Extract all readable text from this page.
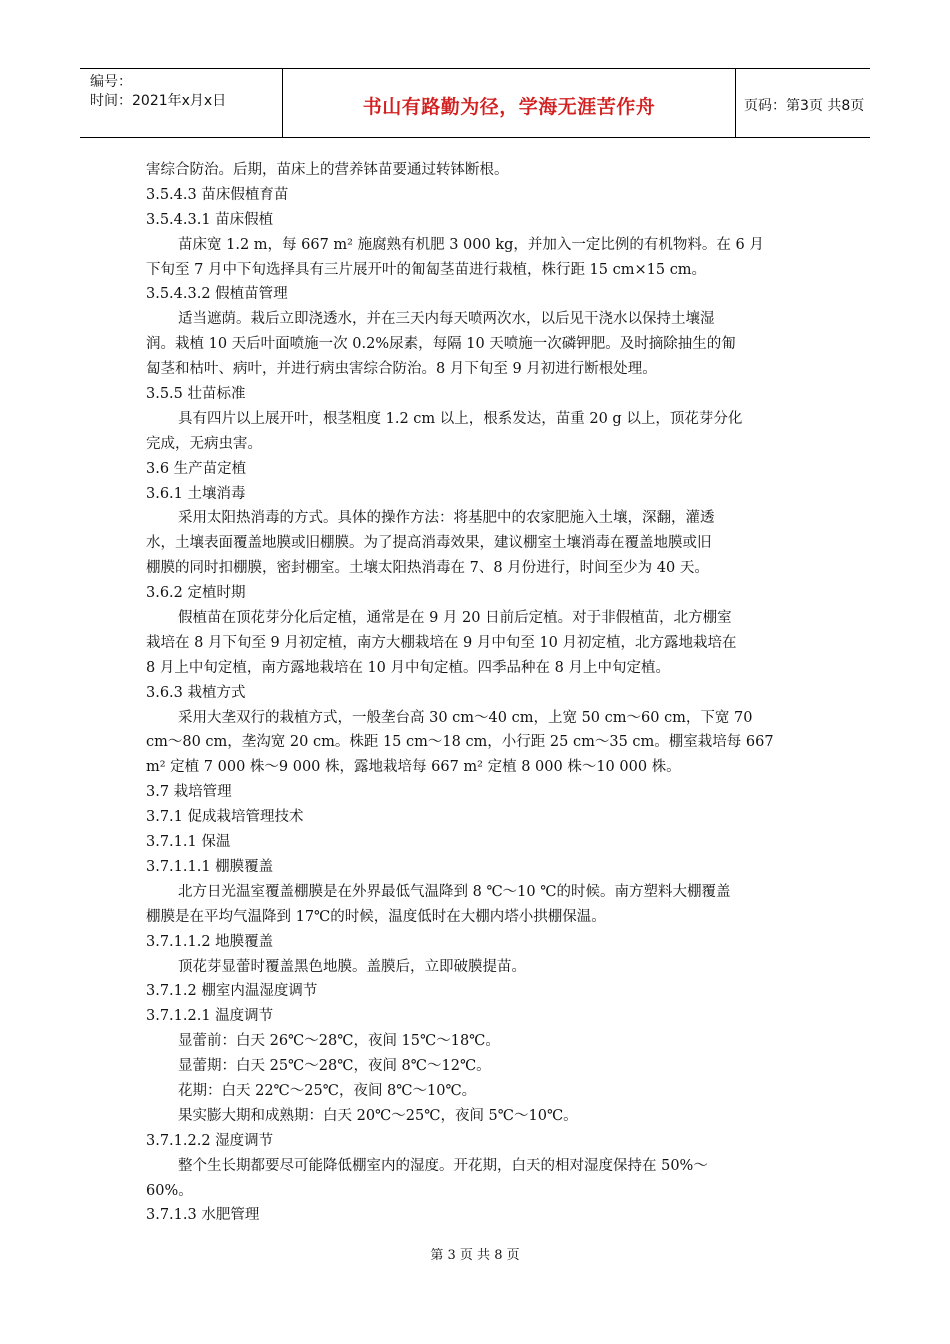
编号：
时间：2021年x月x日	书山有路勤为径，学海无涯苦作舟	页码：第3页 共8页

害综合防治。后期，苗床上的营养钵苗要通过转钵断根。

3.5.4.3 苗床假植育苗

3.5.4.3.1 苗床假植

苗床宽 1.2 m，每 667 m² 施腐熟有机肥 3 000 kg，并加入一定比例的有机物料。在 6 月

下旬至 7 月中下旬选择具有三片展开叶的匍匐茎苗进行栽植，株行距 15 cm×15 cm。

3.5.4.3.2 假植苗管理

适当遮荫。栽后立即浇透水，并在三天内每天喷两次水，以后见干浇水以保持土壤湿

润。栽植 10 天后叶面喷施一次 0.2%尿素，每隔 10 天喷施一次磷钾肥。及时摘除抽生的匍

匐茎和枯叶、病叶，并进行病虫害综合防治。8 月下旬至 9 月初进行断根处理。

3.5.5 壮苗标准

具有四片以上展开叶，根茎粗度 1.2 cm 以上，根系发达，苗重 20 g 以上，顶花芽分化

完成，无病虫害。

3.6 生产苗定植

3.6.1 土壤消毒

采用太阳热消毒的方式。具体的操作方法：将基肥中的农家肥施入土壤，深翻，灌透

水，土壤表面覆盖地膜或旧棚膜。为了提高消毒效果，建议棚室土壤消毒在覆盖地膜或旧

棚膜的同时扣棚膜，密封棚室。土壤太阳热消毒在 7、8 月份进行，时间至少为 40 天。

3.6.2 定植时期

假植苗在顶花芽分化后定植，通常是在 9 月 20 日前后定植。对于非假植苗，北方棚室

栽培在 8 月下旬至 9 月初定植，南方大棚栽培在 9 月中旬至 10 月初定植，北方露地栽培在

8 月上中旬定植，南方露地栽培在 10 月中旬定植。四季品种在 8 月上中旬定植。

3.6.3 栽植方式

采用大垄双行的栽植方式，一般垄台高 30 cm～40 cm，上宽 50 cm～60 cm，下宽 70

cm～80 cm，垄沟宽 20 cm。株距 15 cm～18 cm，小行距 25 cm～35 cm。棚室栽培每 667

m² 定植 7 000 株～9 000 株，露地栽培每 667 m² 定植 8 000 株～10 000 株。

3.7 栽培管理

3.7.1 促成栽培管理技术

3.7.1.1 保温

3.7.1.1.1 棚膜覆盖

北方日光温室覆盖棚膜是在外界最低气温降到 8 ℃～10 ℃的时候。南方塑料大棚覆盖

棚膜是在平均气温降到 17℃的时候，温度低时在大棚内塔小拱棚保温。

3.7.1.1.2 地膜覆盖

顶花芽显蕾时覆盖黑色地膜。盖膜后，立即破膜提苗。

3.7.1.2 棚室内温湿度调节

3.7.1.2.1 温度调节

显蕾前：白天 26℃～28℃，夜间 15℃～18℃。

显蕾期：白天 25℃～28℃，夜间 8℃～12℃。

花期：白天 22℃～25℃，夜间 8℃～10℃。

果实膨大期和成熟期：白天 20℃～25℃，夜间 5℃～10℃。

3.7.1.2.2 湿度调节

整个生长期都要尽可能降低棚室内的湿度。开花期，白天的相对湿度保持在 50%～

60%。

3.7.1.3 水肥管理

第 3 页 共 8 页
